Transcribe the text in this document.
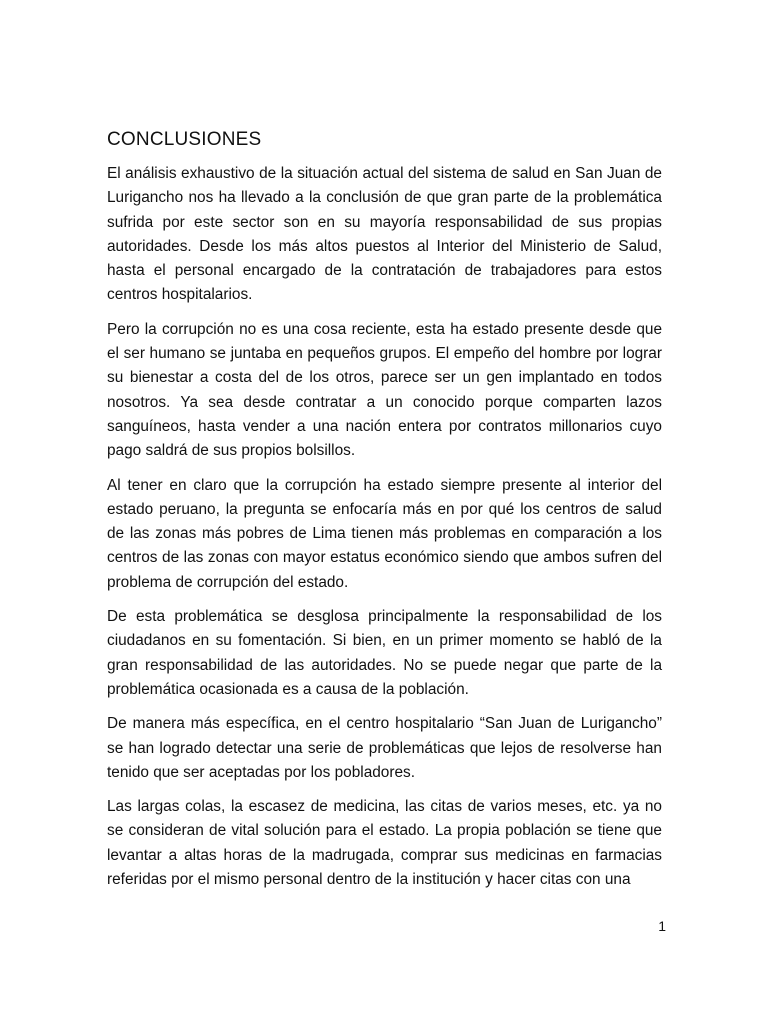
CONCLUSIONES

El análisis exhaustivo de la situación actual del sistema de salud en San Juan de Lurigancho nos ha llevado a la conclusión de que gran parte de la problemática sufrida por este sector son en su mayoría responsabilidad de sus propias autoridades. Desde los más altos puestos al Interior del Ministerio de Salud, hasta el personal encargado de la contratación de trabajadores para estos centros hospitalarios.

Pero la corrupción no es una cosa reciente, esta ha estado presente desde que el ser humano se juntaba en pequeños grupos. El empeño del hombre por lograr su bienestar a costa del de los otros, parece ser un gen implantado en todos nosotros. Ya sea desde contratar a un conocido porque comparten lazos sanguíneos, hasta vender a una nación entera por contratos millonarios cuyo pago saldrá de sus propios bolsillos.

Al tener en claro que la corrupción ha estado siempre presente al interior del estado peruano, la pregunta se enfocaría más en por qué los centros de salud de las zonas más pobres de Lima tienen más problemas en comparación a los centros de las zonas con mayor estatus económico siendo que ambos sufren del problema de corrupción del estado.

De esta problemática se desglosa principalmente la responsabilidad de los ciudadanos en su fomentación. Si bien, en un primer momento se habló de la gran responsabilidad de las autoridades. No se puede negar que parte de la problemática ocasionada es a causa de la población.

De manera más específica, en el centro hospitalario “San Juan de Lurigancho” se han logrado detectar una serie de problemáticas que lejos de resolverse han tenido que ser aceptadas por los pobladores.

Las largas colas, la escasez de medicina, las citas de varios meses, etc. ya no se consideran de vital solución para el estado. La propia población se tiene que levantar a altas horas de la madrugada, comprar sus medicinas en farmacias referidas por el mismo personal dentro de la institución y hacer citas con una

1
